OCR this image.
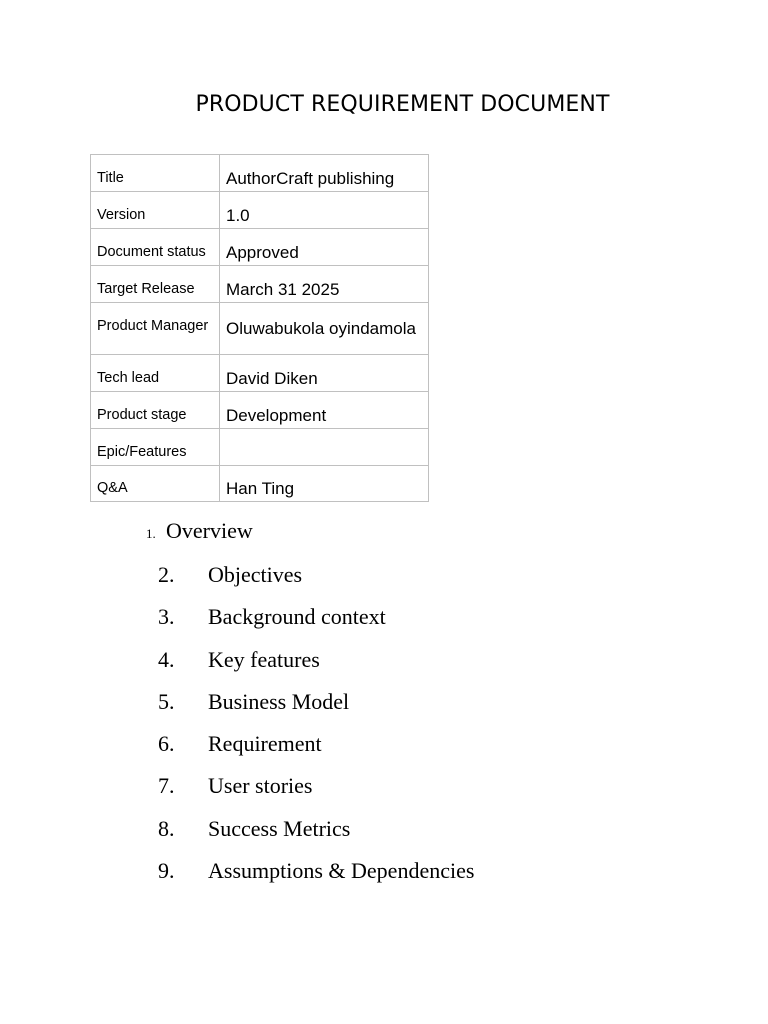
PRODUCT REQUIREMENT DOCUMENT
Title	AuthorCraft publishing
Version	1.0
Document status	Approved
Target Release	March 31 2025
Product Manager	Oluwabukola oyindamola
Tech lead	David Diken
Product stage	Development
Epic/Features	
Q&A	Han Ting
1. Overview
2. Objectives
3. Background context
4. Key features
5. Business Model
6. Requirement
7. User stories
8. Success Metrics
9. Assumptions & Dependencies
